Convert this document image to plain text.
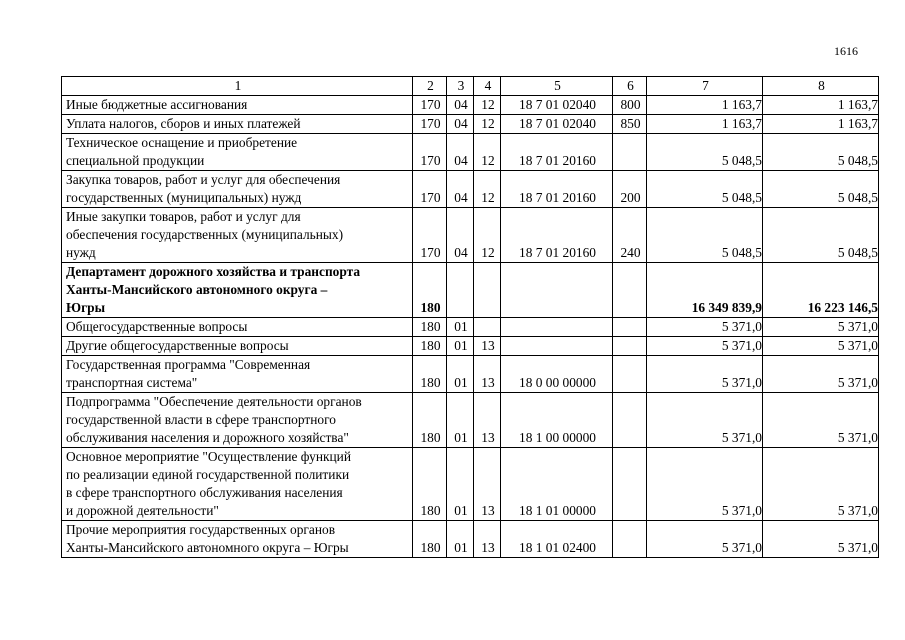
1616
1	2	3	4	5	6	7	8

Иные бюджетные ассигнования	170	04	12	18 7 01 02040	800	1 163,7	1 163,7

Уплата налогов, сборов и иных платежей	170	04	12	18 7 01 02040	850	1 163,7	1 163,7

Техническое оснащение и приобретение
специальной продукции	170	04	12	18 7 01 20160		5 048,5	5 048,5

Закупка товаров, работ и услуг для обеспечения
государственных (муниципальных) нужд	170	04	12	18 7 01 20160	200	5 048,5	5 048,5

Иные закупки товаров, работ и услуг для
обеспечения государственных (муниципальных)
нужд	170	04	12	18 7 01 20160	240	5 048,5	5 048,5

Департамент дорожного хозяйства и транспорта
Ханты-Мансийского автономного округа –
Югры	180					16 349 839,9	16 223 146,5

Общегосударственные вопросы	180	01				5 371,0	5 371,0

Другие общегосударственные вопросы	180	01	13			5 371,0	5 371,0

Государственная программа "Современная
транспортная система"	180	01	13	18 0 00 00000		5 371,0	5 371,0

Подпрограмма "Обеспечение деятельности органов
государственной власти в сфере транспортного
обслуживания населения и дорожного хозяйства"	180	01	13	18 1 00 00000		5 371,0	5 371,0

Основное мероприятие "Осуществление функций
по реализации единой государственной политики
в сфере транспортного обслуживания населения
и дорожной деятельности"	180	01	13	18 1 01 00000		5 371,0	5 371,0

Прочие мероприятия государственных органов
Ханты-Мансийского автономного округа – Югры	180	01	13	18 1 01 02400		5 371,0	5 371,0
